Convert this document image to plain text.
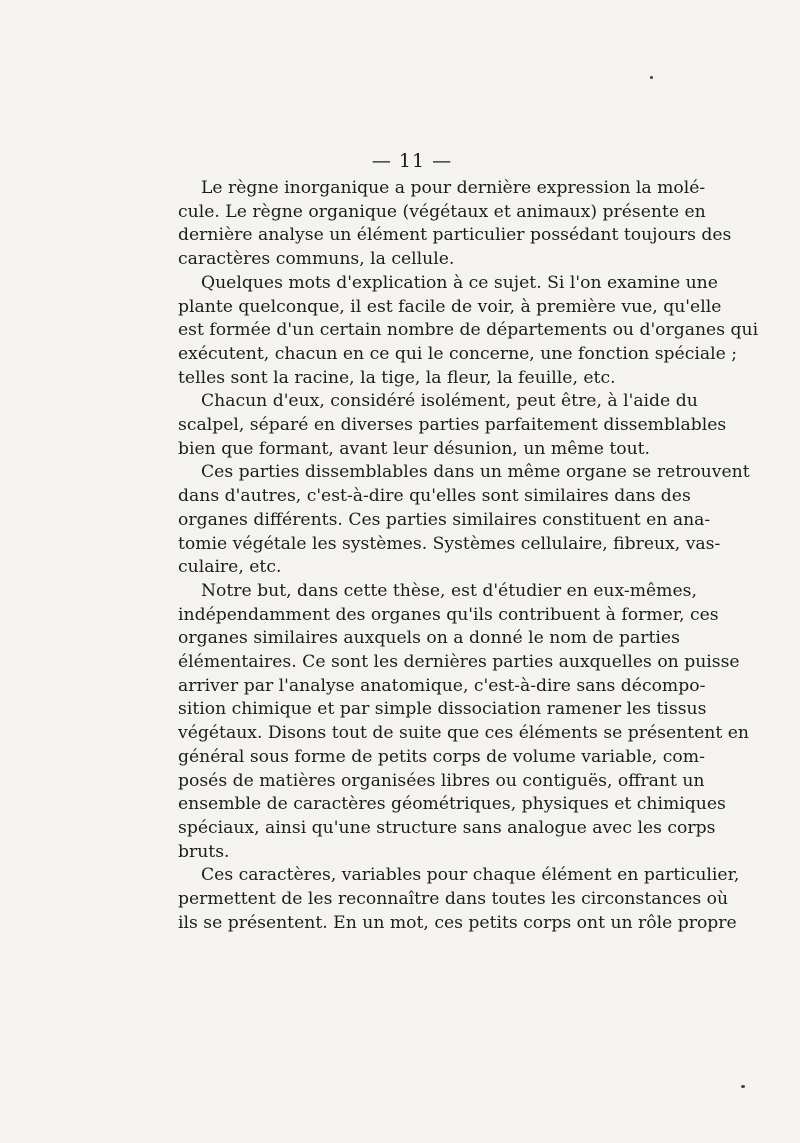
— 11 —
Le règne inorganique a pour dernière expression la molé-
cule. Le règne organique (végétaux et animaux) présente en
dernière analyse un élément particulier possédant toujours des
caractères communs, la cellule.
Quelques mots d'explication à ce sujet. Si l'on examine une
plante quelconque, il est facile de voir, à première vue, qu'elle
est formée d'un certain nombre de départements ou d'organes qui
exécutent, chacun en ce qui le concerne, une fonction spéciale ;
telles sont la racine, la tige, la fleur, la feuille, etc.
Chacun d'eux, considéré isolément, peut être, à l'aide du
scalpel, séparé en diverses parties parfaitement dissemblables
bien que formant, avant leur désunion, un même tout.
Ces parties dissemblables dans un même organe se retrouvent
dans d'autres, c'est-à-dire qu'elles sont similaires dans des
organes différents. Ces parties similaires constituent en ana-
tomie végétale les systèmes. Systèmes cellulaire, fibreux, vas-
culaire, etc.
Notre but, dans cette thèse, est d'étudier en eux-mêmes,
indépendamment des organes qu'ils contribuent à former, ces
organes similaires auxquels on a donné le nom de parties
élémentaires. Ce sont les dernières parties auxquelles on puisse
arriver par l'analyse anatomique, c'est-à-dire sans décompo-
sition chimique et par simple dissociation ramener les tissus
végétaux. Disons tout de suite que ces éléments se présentent en
général sous forme de petits corps de volume variable, com-
posés de matières organisées libres ou contiguës, offrant un
ensemble de caractères géométriques, physiques et chimiques
spéciaux, ainsi qu'une structure sans analogue avec les corps
bruts.
Ces caractères, variables pour chaque élément en particulier,
permettent de les reconnaître dans toutes les circonstances où
ils se présentent. En un mot, ces petits corps ont un rôle propre
